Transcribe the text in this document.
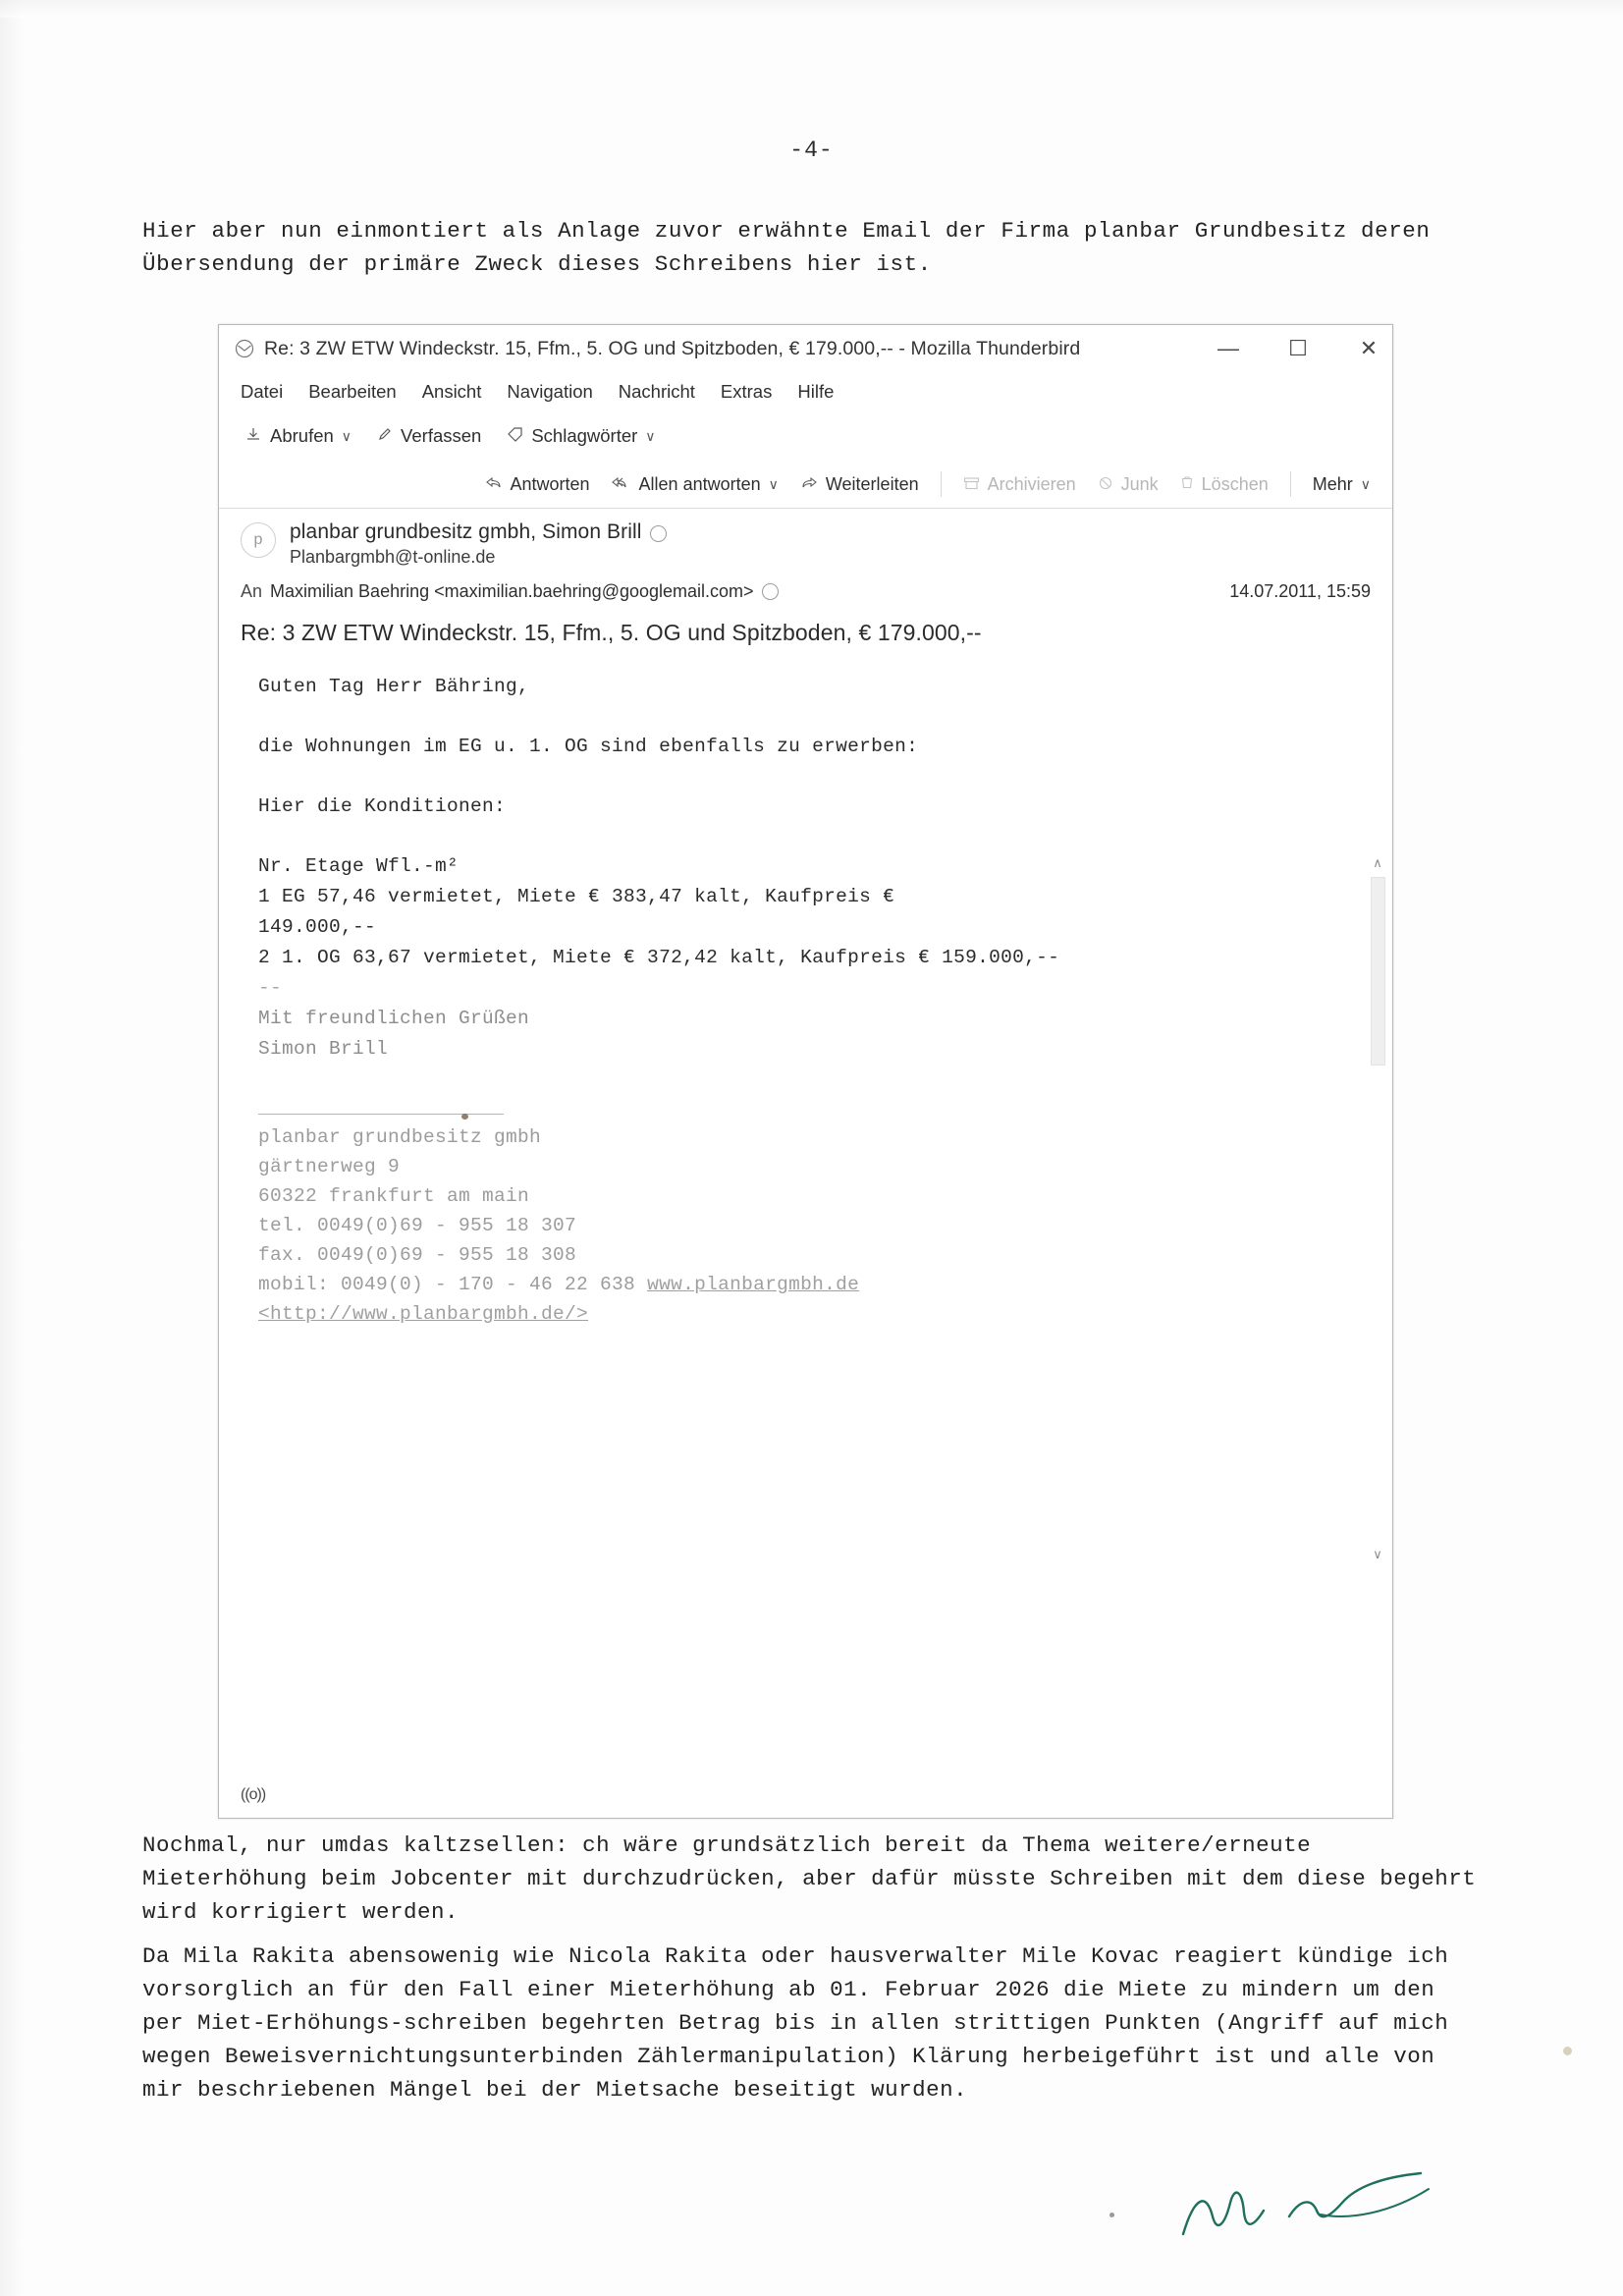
-4-
Hier aber nun einmontiert als Anlage zuvor erwähnte Email der Firma planbar Grundbesitz deren Übersendung der primäre Zweck dieses Schreibens hier ist.
Re: 3 ZW ETW Windeckstr. 15, Ffm., 5. OG und Spitzboden, € 179.000,-- - Mozilla Thunderbird	— ☐ ✕
Datei Bearbeiten Ansicht Navigation Nachricht Extras Hilfe
Abrufen ∨	Verfassen	Schlagwörter ∨
Antworten	Allen antworten ∨	Weiterleiten	Archivieren	Junk Löschen	Mehr ∨
p	planbar grundbesitz gmbh, Simon Brill
Planbargmbh@t-online.de
An Maximilian Baehring <maximilian.baehring@googlemail.com>	14.07.2011, 15:59
Re: 3 ZW ETW Windeckstr. 15, Ffm., 5. OG und Spitzboden, € 179.000,--

Guten Tag Herr Bähring,

die Wohnungen im EG u. 1. OG sind ebenfalls zu erwerben:

Hier die Konditionen:

Nr. Etage Wfl.-m²

1 EG 57,46 vermietet, Miete € 383,47 kalt, Kaufpreis €

149.000,--

2 1. OG 63,67 vermietet, Miete € 372,42 kalt, Kaufpreis € 159.000,--

--

Mit freundlichen Grüßen

Simon Brill

planbar grundbesitz gmbh
gärtnerweg 9
60322 frankfurt am main
tel. 0049(0)69 - 955 18 307
fax. 0049(0)69 - 955 18 308
mobil: 0049(0) - 170 - 46 22 638 www.planbargmbh.de
<http://www.planbargmbh.de/>
∧
∨
((o))
Nochmal, nur umdas kaltzsellen: ch wäre grundsätzlich bereit da Thema weitere/erneute Mieterhöhung beim Jobcenter mit durchzudrücken, aber dafür müsste Schreiben mit dem diese begehrt wird korrigiert werden.
Da Mila Rakita abensowenig wie Nicola Rakita oder hausverwalter Mile Kovac reagiert kündige ich vorsorglich an für den Fall einer Mieterhöhung ab 01. Februar 2026 die Miete zu mindern um den per Miet-Erhöhungs-schreiben begehrten Betrag bis in allen strittigen Punkten (Angriff auf mich wegen Beweisvernichtungsunterbinden Zählermanipulation) Klärung herbeigeführt ist und alle von mir beschriebenen Mängel bei der Mietsache beseitigt wurden.
